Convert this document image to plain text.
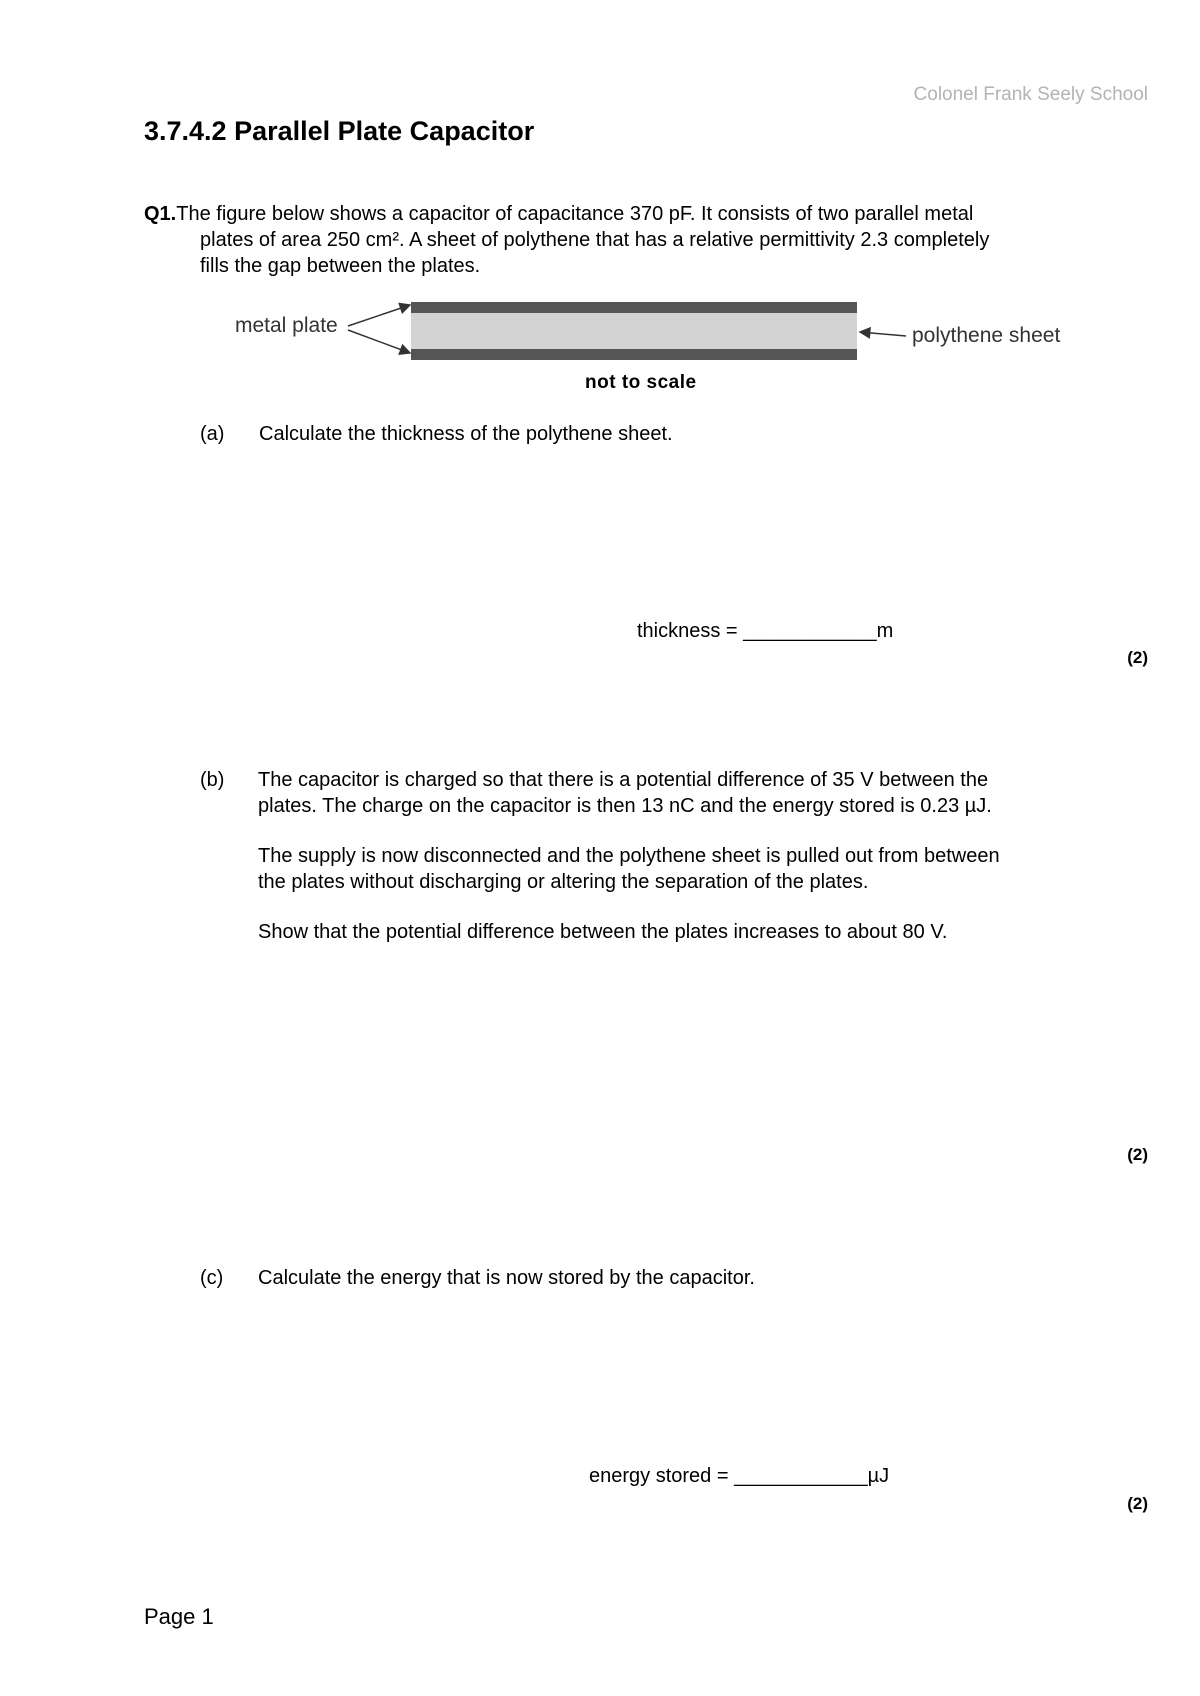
Colonel Frank Seely School
3.7.4.2 Parallel Plate Capacitor
Q1.The figure below shows a capacitor of capacitance 370 pF. It consists of two parallel metal
plates of area 250 cm². A sheet of polythene that has a relative permittivity 2.3 completely
fills the gap between the plates.
metal plate	polythene sheet
not to scale
(a) Calculate the thickness of the polythene sheet.
thickness = ____________m
(2)
(b) The capacitor is charged so that there is a potential difference of 35 V between the
plates. The charge on the capacitor is then 13 nC and the energy stored is 0.23 µJ.
The supply is now disconnected and the polythene sheet is pulled out from between
the plates without discharging or altering the separation of the plates.
Show that the potential difference between the plates increases to about 80 V.
(2)
(c) Calculate the energy that is now stored by the capacitor.
energy stored = ____________µJ
(2)
Page 1
